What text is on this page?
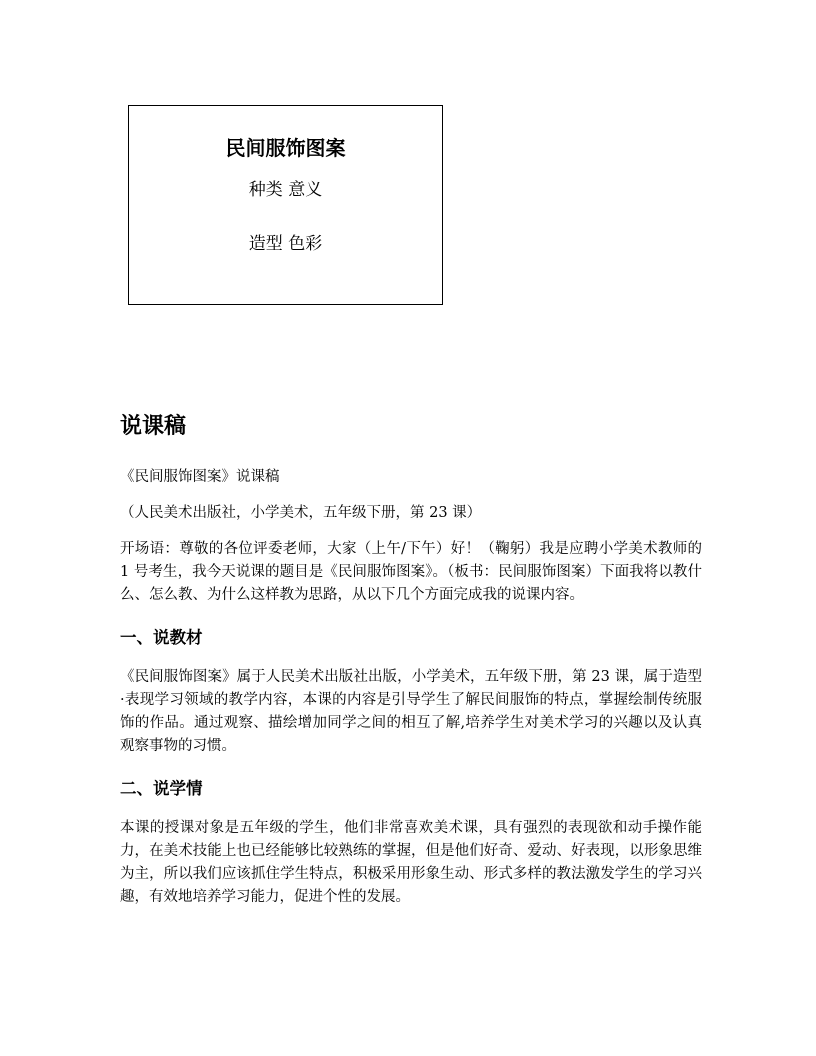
民间服饰图案
种类 意义
造型 色彩
说课稿

《民间服饰图案》说课稿

（人民美术出版社，小学美术，五年级下册，第 23 课）

开场语：尊敬的各位评委老师，大家（上午/下午）好！（鞠躬）我是应聘小学美术教师的 1 号考生，我今天说课的题目是《民间服饰图案》。（板书：民间服饰图案）下面我将以教什么、怎么教、为什么这样教为思路，从以下几个方面完成我的说课内容。

一、说教材

《民间服饰图案》属于人民美术出版社出版，小学美术，五年级下册，第 23 课，属于造型·表现学习领域的教学内容，本课的内容是引导学生了解民间服饰的特点，掌握绘制传统服饰的作品。通过观察、描绘增加同学之间的相互了解,培养学生对美术学习的兴趣以及认真观察事物的习惯。

二、说学情

本课的授课对象是五年级的学生，他们非常喜欢美术课，具有强烈的表现欲和动手操作能力，在美术技能上也已经能够比较熟练的掌握，但是他们好奇、爱动、好表现，以形象思维为主，所以我们应该抓住学生特点，积极采用形象生动、形式多样的教法激发学生的学习兴趣，有效地培养学习能力，促进个性的发展。
